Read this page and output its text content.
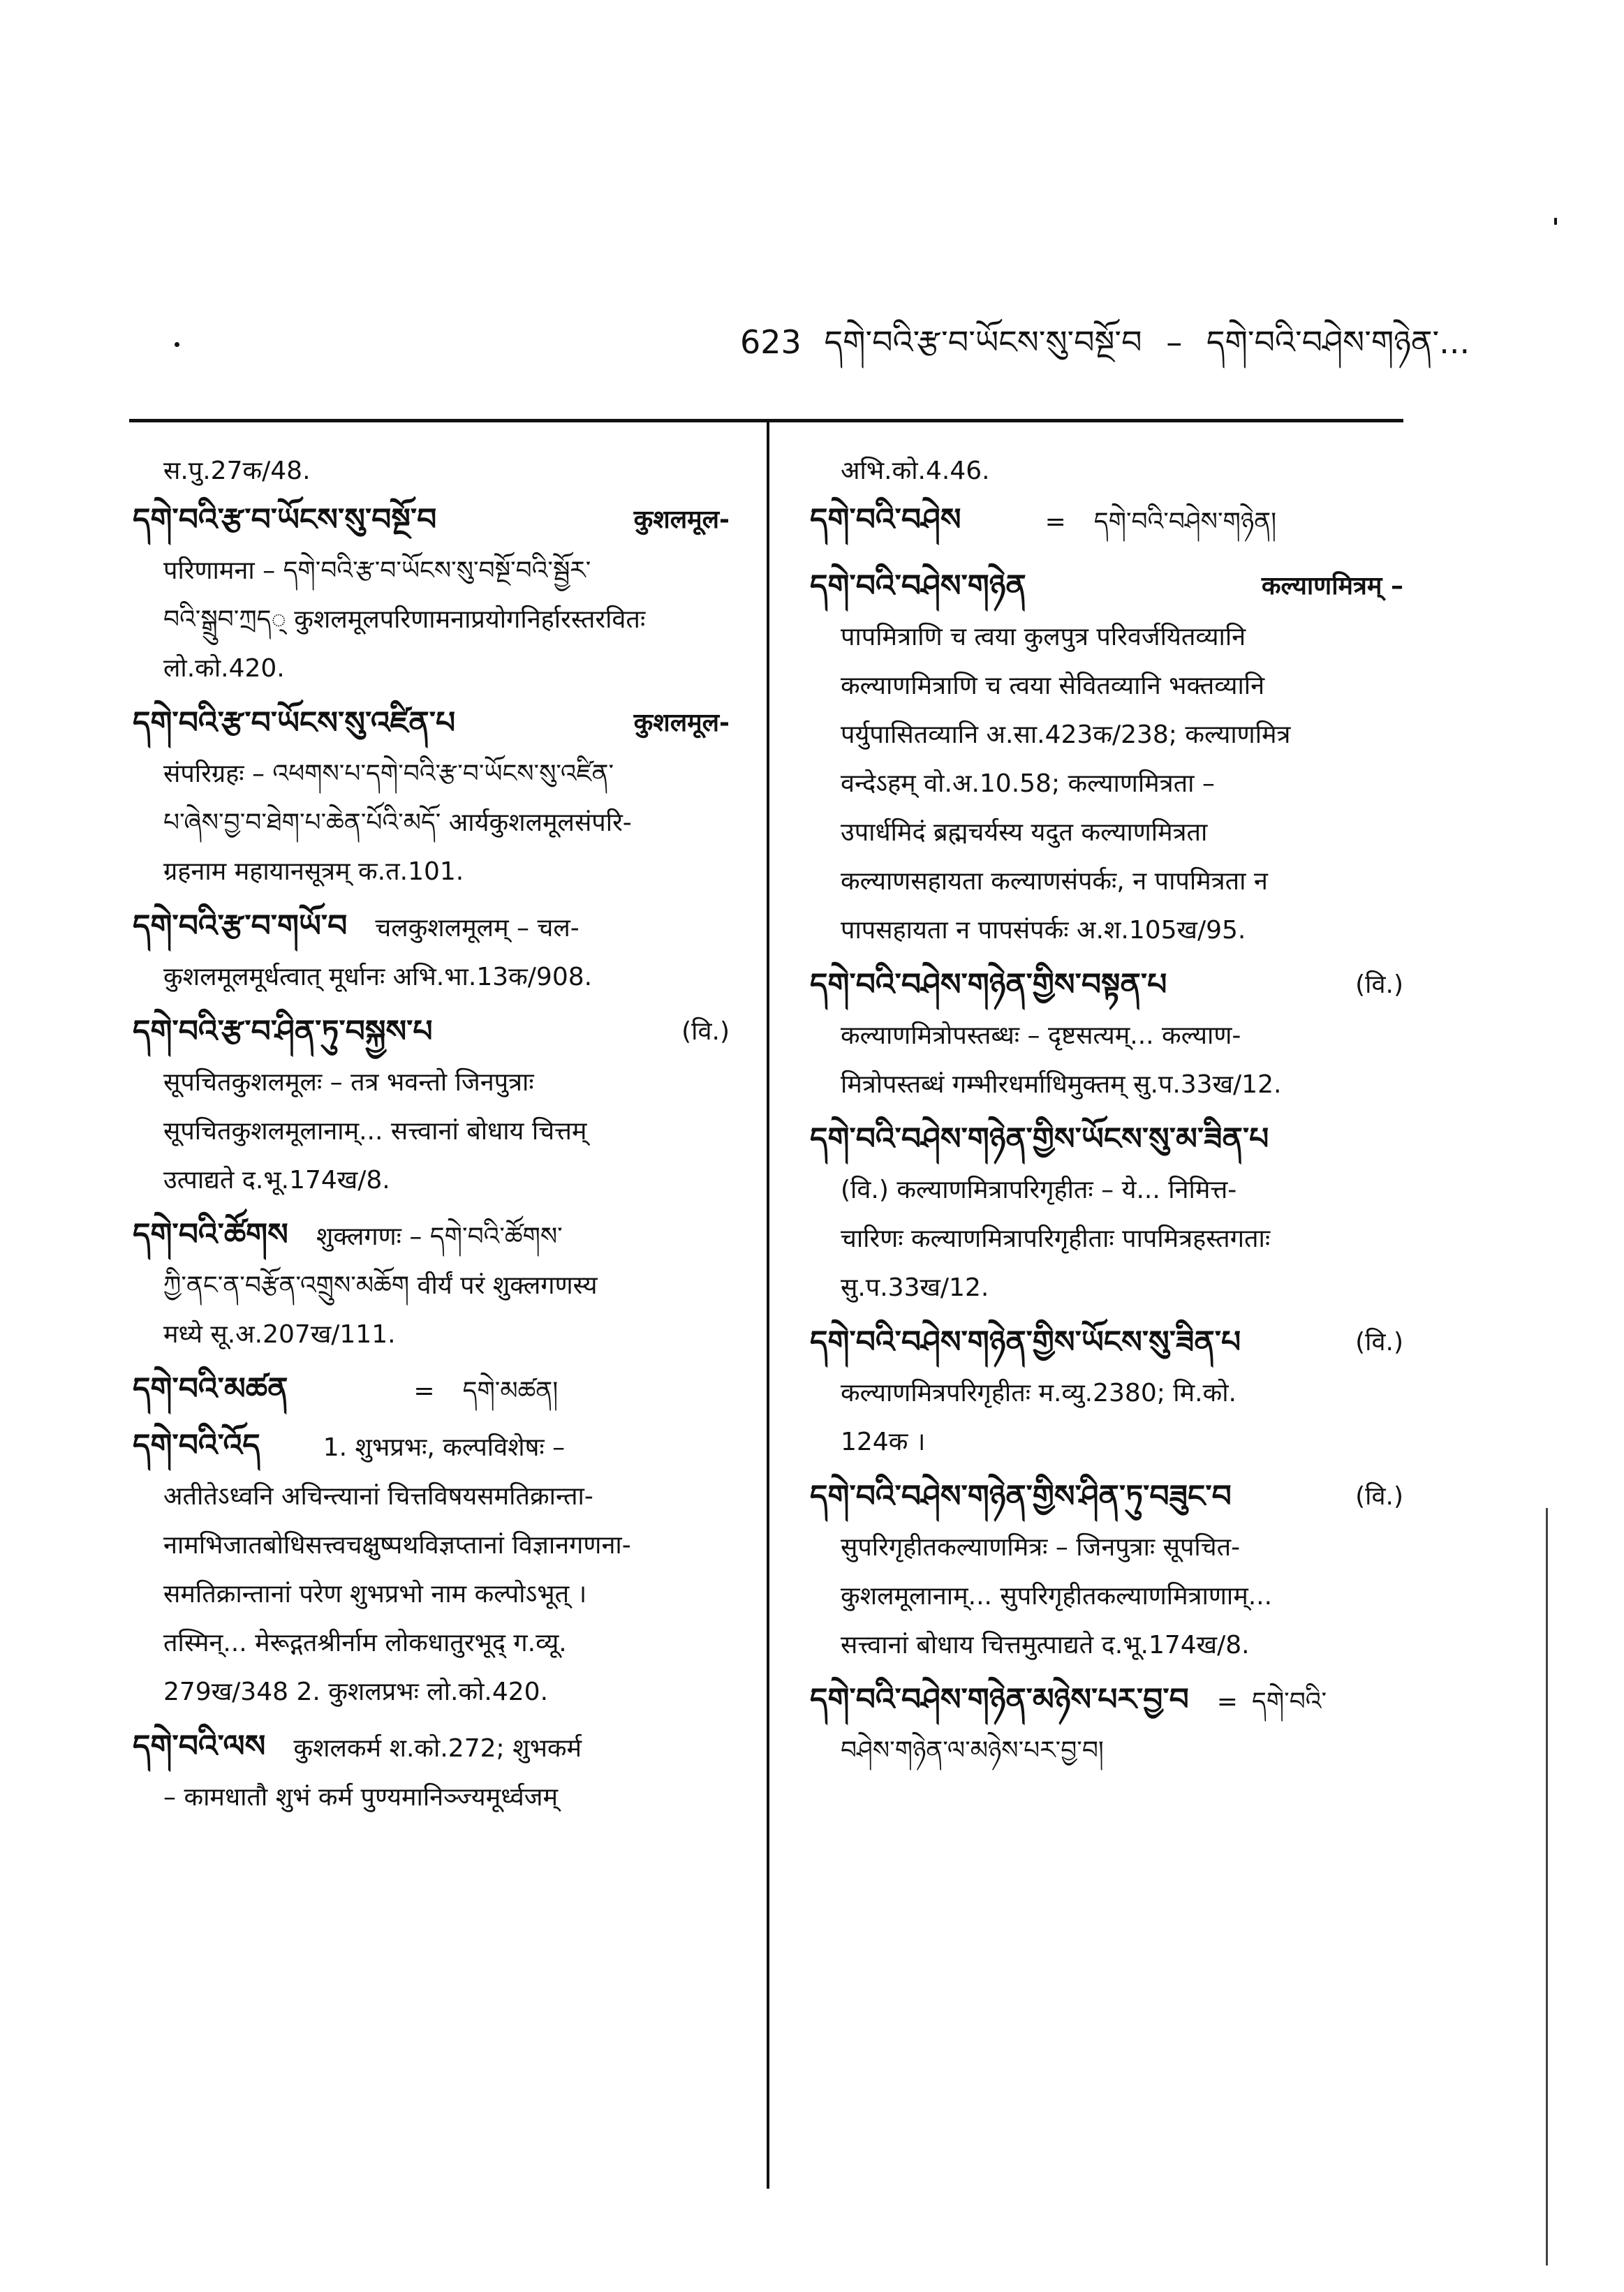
623 དགེ་བའི་རྩ་བ་ཡོངས་སུ་བསྔོ་བ – དགེ་བའི་བཤེས་གཉེན་...
स.पु.27क/48.
དགེ་བའི་རྩ་བ་ཡོངས་སུ་བསྔོ་བ	कुशलमूल-
परिणामना – དགེ་བའི་རྩ་བ་ཡོངས་སུ་བསྔོ་བའི་སྦྱོར་
བའི་སྒྲུབ་ཀྲད् कुशलमूलपरिणामनाप्रयोगनिर्हारस्तरवितः
लो.को.420.
དགེ་བའི་རྩ་བ་ཡོངས་སུ་འཛིན་པ	कुशलमूल-
संपरिग्रहः – འཕགས་པ་དགེ་བའི་རྩ་བ་ཡོངས་སུ་འཛིན་
པ་ཞེས་བྱ་བ་ཐེག་པ་ཆེན་པོའི་མདོ་ आर्यकुशलमूलसंपरि-
ग्रहनाम महायानसूत्रम् क.त.101.
དགེ་བའི་རྩ་བ་གཡོ་བ चलकुशलमूलम् – चल-
कुशलमूलमूर्धत्वात् मूर्धानः अभि.भा.13क/908.
དགེ་བའི་རྩ་བ་ཤིན་ཏུ་བསྐྱས་པ	(वि.)
सूपचितकुशलमूलः – तत्र भवन्तो जिनपुत्राः
सूपचितकुशलमूलानाम्... सत्त्वानां बोधाय चित्तम्
उत्पाद्यते द.भू.174ख/8.
དགེ་བའི་ཚོགས शुक्लगणः – དགེ་བའི་ཚོགས་
ཀྱི་ནང་ན་བརྩོན་འགྲུས་མཆོག वीर्यं परं शुक्लगणस्य
मध्ये सू.अ.207ख/111.
དགེ་བའི་མཚན	= དགེ་མཚན།
དགེ་བའི་འོད	1. शुभप्रभः, कल्पविशेषः –
अतीतेऽध्वनि अचिन्त्यानां चित्तविषयसमतिक्रान्ता-
नामभिजातबोधिसत्त्वचक्षुष्पथविज्ञप्तानां विज्ञानगणना-
समतिक्रान्तानां परेण शुभप्रभो नाम कल्पोऽभूत् ।
तस्मिन्... मेरूद्गतश्रीर्नाम लोकधातुरभूद् ग.व्यू.
279ख/348 2. कुशलप्रभः लो.को.420.
དགེ་བའི་ལས कुशलकर्म श.को.272; शुभकर्म
– कामधातौ शुभं कर्म पुण्यमानिञ्ज्यमूर्ध्वजम्
अभि.को.4.46.
དགེ་བའི་བཤེས	= དགེ་བའི་བཤེས་གཉེན།
དགེ་བའི་བཤེས་གཉེན	कल्याणमित्रम् –
पापमित्राणि च त्वया कुलपुत्र परिवर्जयितव्यानि
कल्याणमित्राणि च त्वया सेवितव्यानि भक्तव्यानि
पर्युपासितव्यानि अ.सा.423क/238; कल्याणमित्र
वन्देऽहम् वो.अ.10.58; कल्याणमित्रता –
उपार्धमिदं ब्रह्मचर्यस्य यदुत कल्याणमित्रता
कल्याणसहायता कल्याणसंपर्कः, न पापमित्रता न
पापसहायता न पापसंपर्कः अ.श.105ख/95.
དགེ་བའི་བཤེས་གཉེན་གྱིས་བསྟན་པ	(वि.)
कल्याणमित्रोपस्तब्धः – दृष्टसत्यम्... कल्याण-
मित्रोपस्तब्धं गम्भीरधर्माधिमुक्तम् सु.प.33ख/12.
དགེ་བའི་བཤེས་གཉེན་གྱིས་ཡོངས་སུ་མ་ཟིན་པ
(वि.) कल्याणमित्रापरिगृहीतः – ये... निमित्त-
चारिणः कल्याणमित्रापरिगृहीताः पापमित्रहस्तगताः
सु.प.33ख/12.
དགེ་བའི་བཤེས་གཉེན་གྱིས་ཡོངས་སུ་ཟིན་པ	(वि.)
कल्याणमित्रपरिगृहीतः म.व्यु.2380; मि.को.
124क ।
དགེ་བའི་བཤེས་གཉེན་གྱིས་ཤིན་ཏུ་བཟུང་བ	(वि.)
सुपरिगृहीतकल्याणमित्रः – जिनपुत्राः सूपचित-
कुशलमूलानाम्... सुपरिगृहीतकल्याणमित्राणाम्...
सत्त्वानां बोधाय चित्तमुत्पाद्यते द.भू.174ख/8.
དགེ་བའི་བཤེས་གཉེན་མཉེས་པར་བྱ་བ = དགེ་བའི་
བཤེས་གཉེན་ལ་མཉེས་པར་བྱ་བ།
